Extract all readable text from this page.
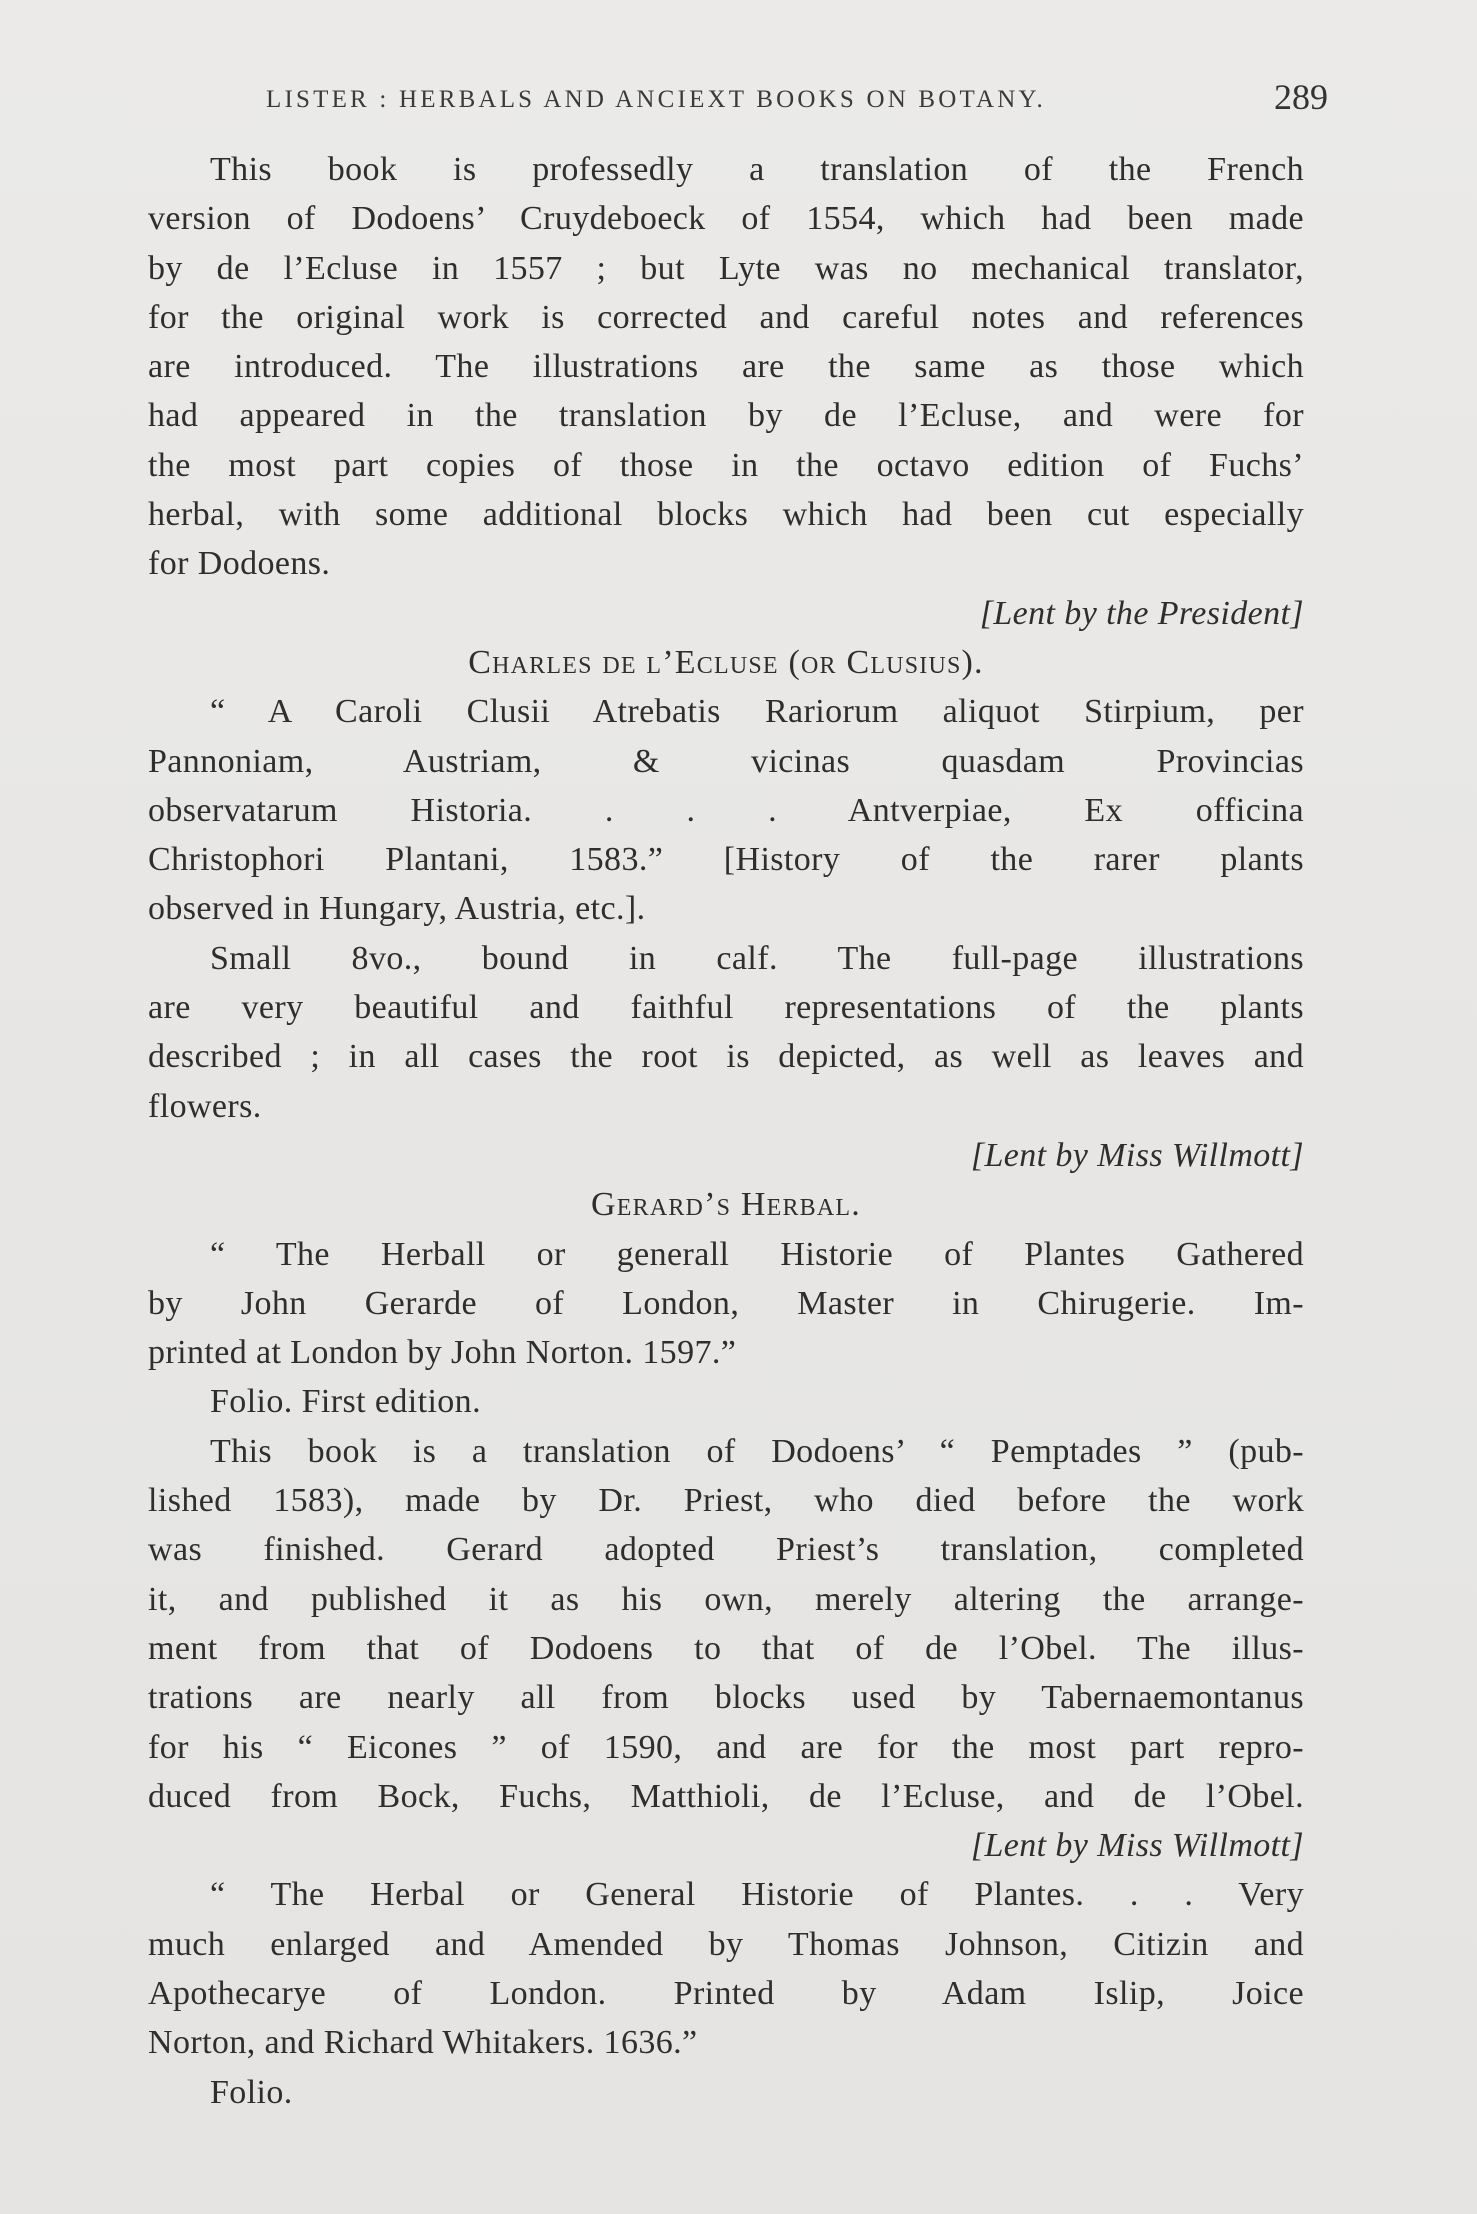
LISTER : HERBALS AND ANCIEXT BOOKS ON BOTANY.	289
This book is professedly a translation of the French
version of Dodoens’ Cruydeboeck of 1554, which had been made
by de l’Ecluse in 1557 ; but Lyte was no mechanical translator,
for the original work is corrected and careful notes and references
are introduced. The illustrations are the same as those which
had appeared in the translation by de l’Ecluse, and were for
the most part copies of those in the octavo edition of Fuchs’
herbal, with some additional blocks which had been cut especially
for Dodoens.
[Lent by the President]
Charles de l’Ecluse (or Clusius).
“ A Caroli Clusii Atrebatis Rariorum aliquot Stirpium, per
Pannoniam, Austriam, & vicinas quasdam Provincias
observatarum Historia. . . . Antverpiae, Ex officina
Christophori Plantani, 1583.” [History of the rarer plants
observed in Hungary, Austria, etc.].
Small 8vo., bound in calf. The full-page illustrations
are very beautiful and faithful representations of the plants
described ; in all cases the root is depicted, as well as leaves and
flowers.
[Lent by Miss Willmott]
Gerard’s Herbal.
“ The Herball or generall Historie of Plantes Gathered
by John Gerarde of London, Master in Chirugerie. Im-
printed at London by John Norton. 1597.”
Folio. First edition.
This book is a translation of Dodoens’ “ Pemptades ” (pub-
lished 1583), made by Dr. Priest, who died before the work
was finished. Gerard adopted Priest’s translation, completed
it, and published it as his own, merely altering the arrange-
ment from that of Dodoens to that of de l’Obel. The illus-
trations are nearly all from blocks used by Tabernaemontanus
for his “ Eicones ” of 1590, and are for the most part repro-
duced from Bock, Fuchs, Matthioli, de l’Ecluse, and de l’Obel.
[Lent by Miss Willmott]
“ The Herbal or General Historie of Plantes. . . Very
much enlarged and Amended by Thomas Johnson, Citizin and
Apothecarye of London. Printed by Adam Islip, Joice
Norton, and Richard Whitakers. 1636.”
Folio.
